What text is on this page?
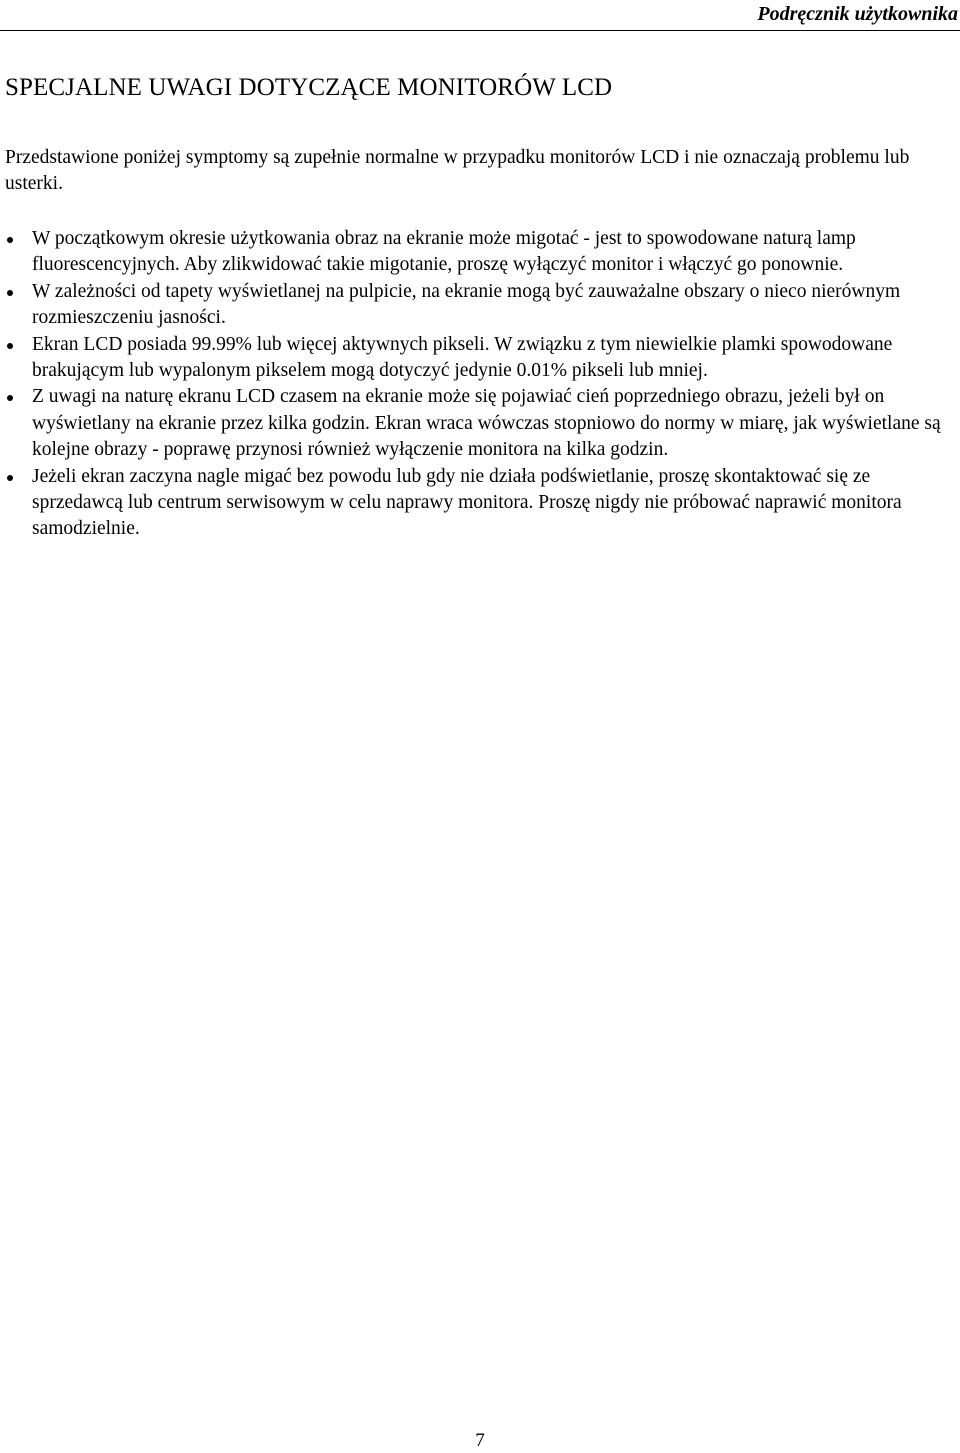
Podręcznik użytkownika
SPECJALNE UWAGI DOTYCZĄCE MONITORÓW LCD

Przedstawione poniżej symptomy są zupełnie normalne w przypadku monitorów LCD i nie oznaczają problemu lub usterki.

W początkowym okresie użytkowania obraz na ekranie może migotać - jest to spowodowane naturą lamp fluorescencyjnych. Aby zlikwidować takie migotanie, proszę wyłączyć monitor i włączyć go ponownie.
W zależności od tapety wyświetlanej na pulpicie, na ekranie mogą być zauważalne obszary o nieco nierównym rozmieszczeniu jasności.
Ekran LCD posiada 99.99% lub więcej aktywnych pikseli. W związku z tym niewielkie plamki spowodowane brakującym lub wypalonym pikselem mogą dotyczyć jedynie 0.01% pikseli lub mniej.
Z uwagi na naturę ekranu LCD czasem na ekranie może się pojawiać cień poprzedniego obrazu, jeżeli był on wyświetlany na ekranie przez kilka godzin. Ekran wraca wówczas stopniowo do normy w miarę, jak wyświetlane są kolejne obrazy - poprawę przynosi również wyłączenie monitora na kilka godzin.
Jeżeli ekran zaczyna nagle migać bez powodu lub gdy nie działa podświetlanie, proszę skontaktować się ze sprzedawcą lub centrum serwisowym w celu naprawy monitora. Proszę nigdy nie próbować naprawić monitora samodzielnie.
7
